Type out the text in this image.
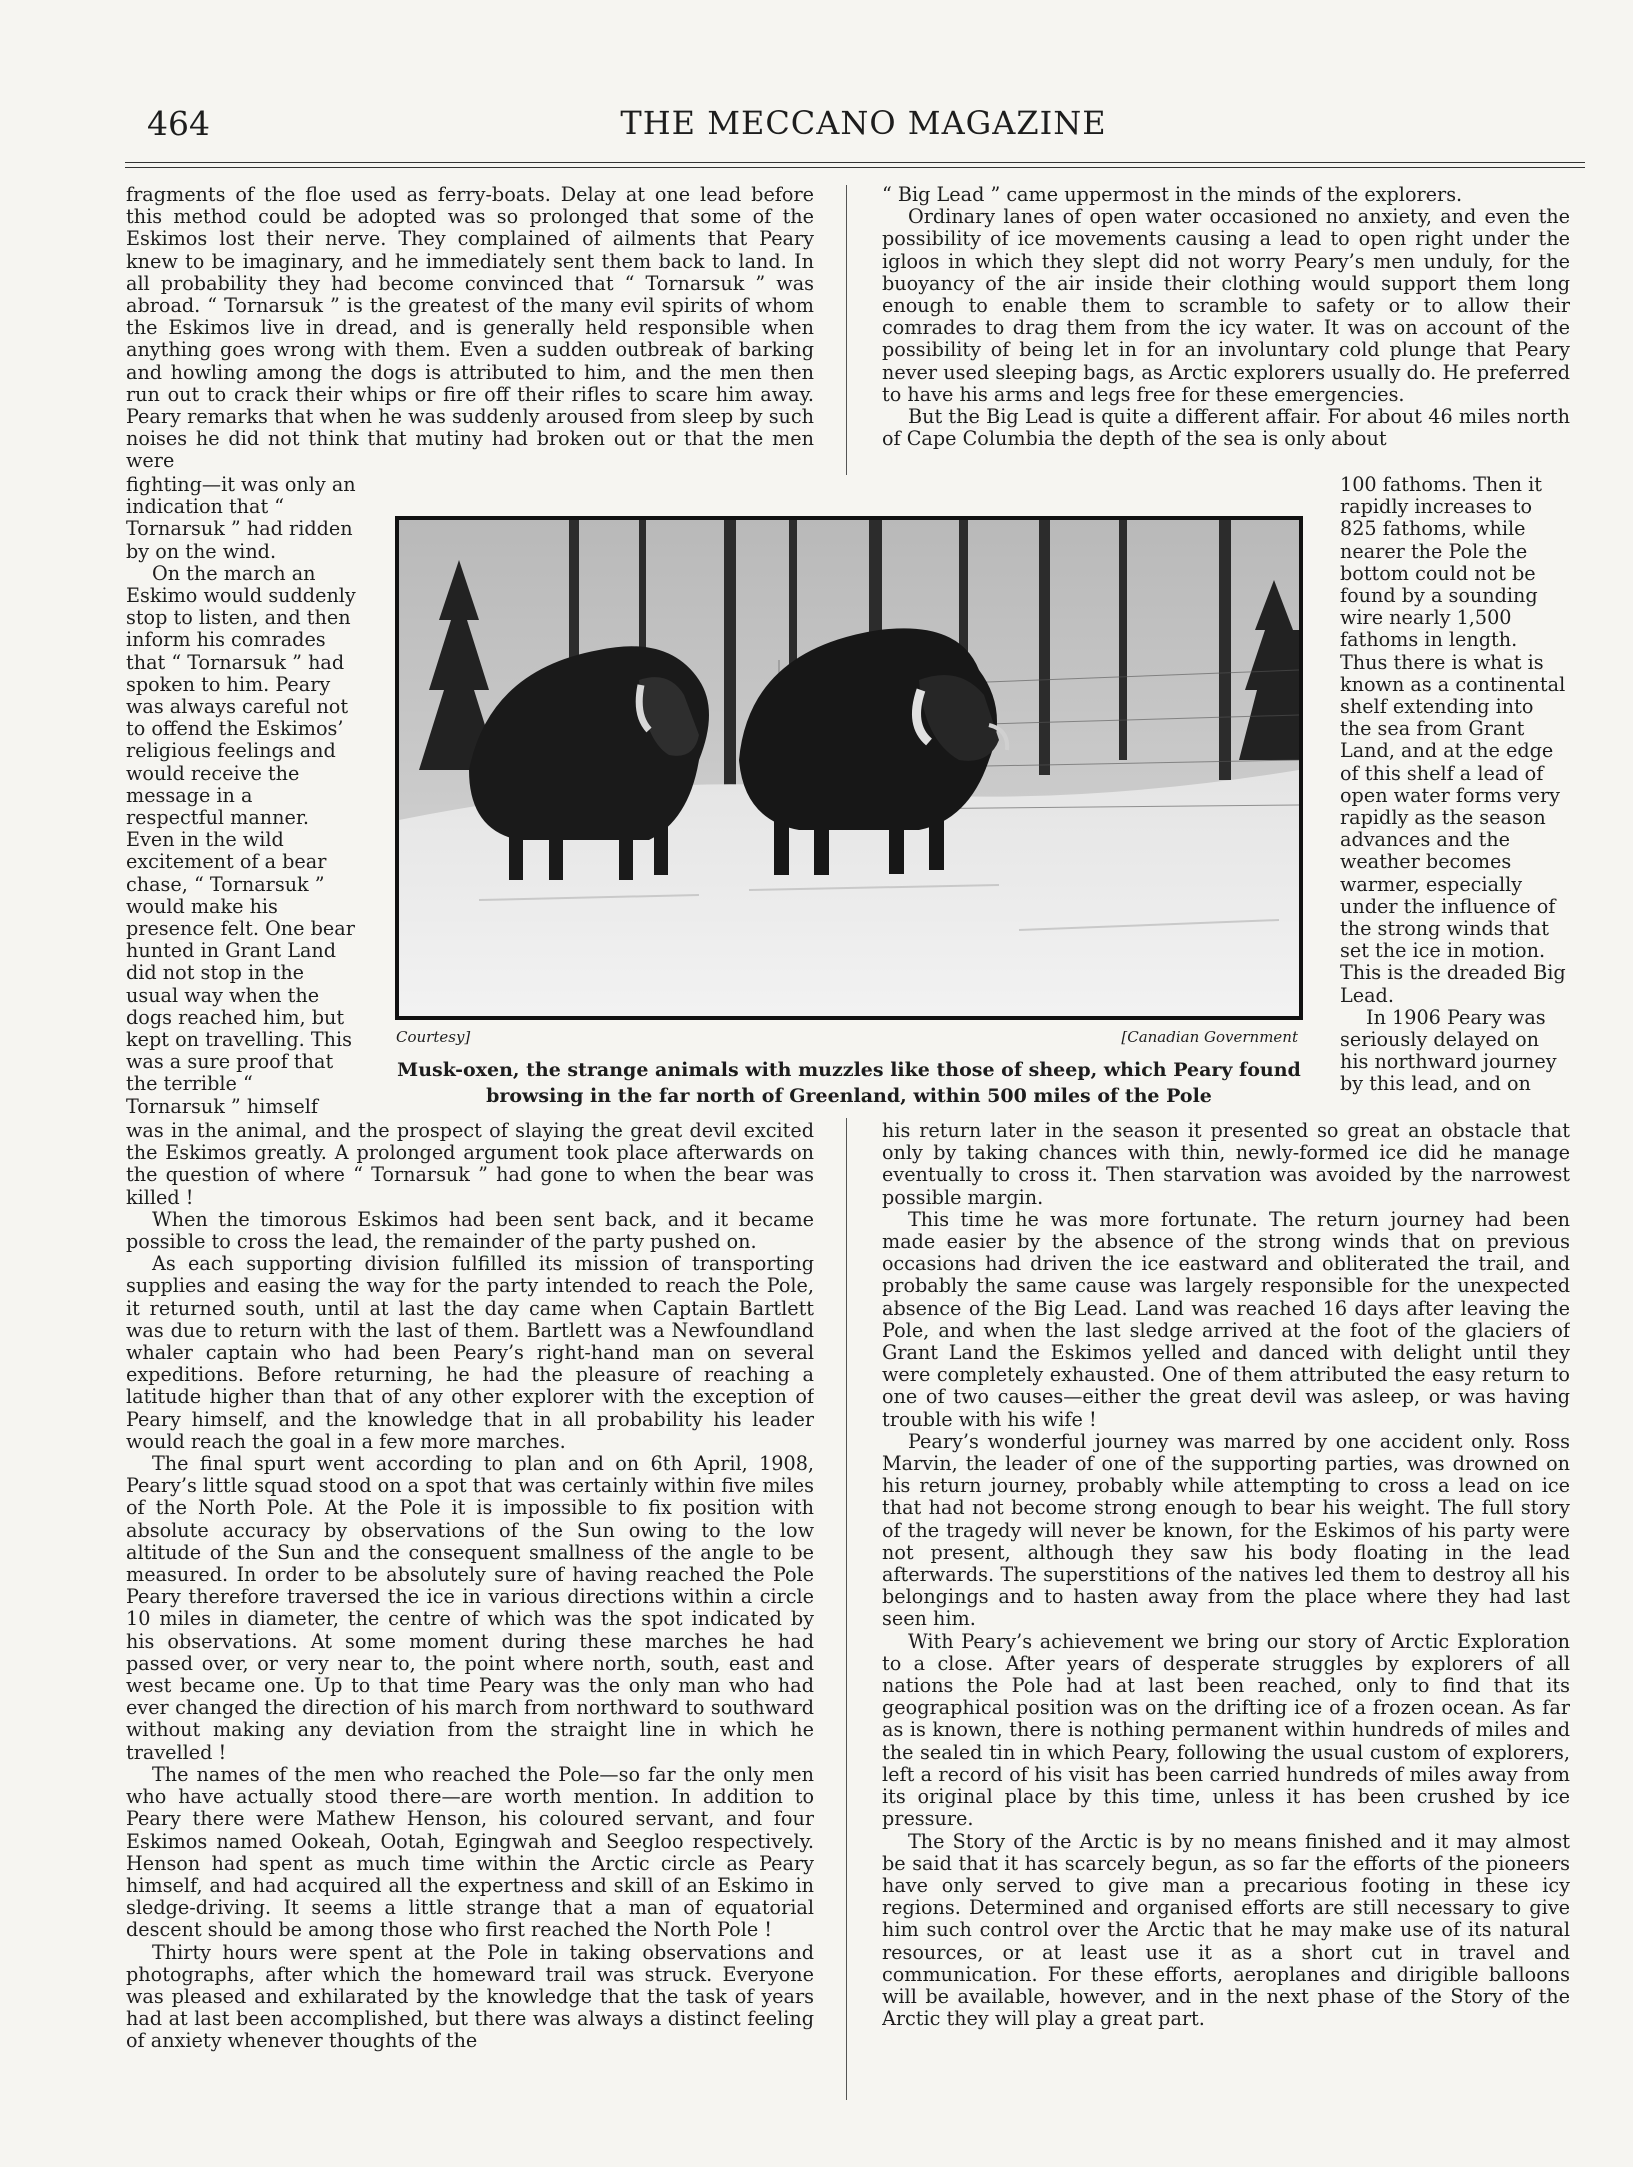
464	THE MECCANO MAGAZINE

fragments of the floe used as ferry-boats. Delay at one lead before this method could be adopted was so prolonged that some of the Eskimos lost their nerve. They complained of ailments that Peary knew to be imaginary, and he immediately sent them back to land. In all probability they had become convinced that “ Tornarsuk ” was abroad. “ Tornarsuk ” is the greatest of the many evil spirits of whom the Eskimos live in dread, and is generally held responsible when anything goes wrong with them. Even a sudden outbreak of barking and howling among the dogs is attributed to him, and the men then run out to crack their whips or fire off their rifles to scare him away. Peary remarks that when he was suddenly aroused from sleep by such noises he did not think that mutiny had broken out or that the men were

fighting—it was only an indication that “ Tornarsuk ” had ridden by on the wind.

On the march an Eskimo would suddenly stop to listen, and then inform his comrades that “ Tornarsuk ” had spoken to him. Peary was always careful not to offend the Eskimos’ religious feelings and would receive the message in a respectful manner. Even in the wild excitement of a bear chase, “ Tornarsuk ” would make his presence felt. One bear hunted in Grant Land did not stop in the usual way when the dogs reached him, but kept on travelling. This was a sure proof that the terrible “ Tornarsuk ” himself

was in the animal, and the prospect of slaying the great devil excited the Eskimos greatly. A prolonged argument took place afterwards on the question of where “ Tornarsuk ” had gone to when the bear was killed !

When the timorous Eskimos had been sent back, and it became possible to cross the lead, the remainder of the party pushed on.

As each supporting division fulfilled its mission of transporting supplies and easing the way for the party intended to reach the Pole, it returned south, until at last the day came when Captain Bartlett was due to return with the last of them. Bartlett was a Newfoundland whaler captain who had been Peary’s right-hand man on several expeditions. Before returning, he had the pleasure of reaching a latitude higher than that of any other explorer with the exception of Peary himself, and the knowledge that in all probability his leader would reach the goal in a few more marches.

The final spurt went according to plan and on 6th April, 1908, Peary’s little squad stood on a spot that was certainly within five miles of the North Pole. At the Pole it is impossible to fix position with absolute accuracy by observations of the Sun owing to the low altitude of the Sun and the consequent smallness of the angle to be measured. In order to be absolutely sure of having reached the Pole Peary therefore traversed the ice in various directions within a circle 10 miles in diameter, the centre of which was the spot indicated by his observations. At some moment during these marches he had passed over, or very near to, the point where north, south, east and west became one. Up to that time Peary was the only man who had ever changed the direction of his march from northward to southward without making any deviation from the straight line in which he travelled !

The names of the men who reached the Pole—so far the only men who have actually stood there—are worth mention. In addition to Peary there were Mathew Henson, his coloured servant, and four Eskimos named Ookeah, Ootah, Egingwah and Seegloo respectively. Henson had spent as much time within the Arctic circle as Peary himself, and had acquired all the expertness and skill of an Eskimo in sledge-driving. It seems a little strange that a man of equatorial descent should be among those who first reached the North Pole !

Thirty hours were spent at the Pole in taking observations and photographs, after which the homeward trail was struck. Everyone was pleased and exhilarated by the knowledge that the task of years had at last been accomplished, but there was always a distinct feeling of anxiety whenever thoughts of the

“ Big Lead ” came uppermost in the minds of the explorers.

Ordinary lanes of open water occasioned no anxiety, and even the possibility of ice movements causing a lead to open right under the igloos in which they slept did not worry Peary’s men unduly, for the buoyancy of the air inside their clothing would support them long enough to enable them to scramble to safety or to allow their comrades to drag them from the icy water. It was on account of the possibility of being let in for an involuntary cold plunge that Peary never used sleeping bags, as Arctic explorers usually do. He preferred to have his arms and legs free for these emergencies.

But the Big Lead is quite a different affair. For about 46 miles north of Cape Columbia the depth of the sea is only about

100 fathoms. Then it rapidly increases to 825 fathoms, while nearer the Pole the bottom could not be found by a sounding wire nearly 1,500 fathoms in length. Thus there is what is known as a continental shelf extending into the sea from Grant Land, and at the edge of this shelf a lead of open water forms very rapidly as the season advances and the weather becomes warmer, especially under the influence of the strong winds that set the ice in motion. This is the dreaded Big Lead.

In 1906 Peary was seriously delayed on his northward journey by this lead, and on

his return later in the season it presented so great an obstacle that only by taking chances with thin, newly-formed ice did he manage eventually to cross it. Then starvation was avoided by the narrowest possible margin.

This time he was more fortunate. The return journey had been made easier by the absence of the strong winds that on previous occasions had driven the ice eastward and obliterated the trail, and probably the same cause was largely responsible for the unexpected absence of the Big Lead. Land was reached 16 days after leaving the Pole, and when the last sledge arrived at the foot of the glaciers of Grant Land the Eskimos yelled and danced with delight until they were completely exhausted. One of them attributed the easy return to one of two causes—either the great devil was asleep, or was having trouble with his wife !

Peary’s wonderful journey was marred by one accident only. Ross Marvin, the leader of one of the supporting parties, was drowned on his return journey, probably while attempting to cross a lead on ice that had not become strong enough to bear his weight. The full story of the tragedy will never be known, for the Eskimos of his party were not present, although they saw his body floating in the lead afterwards. The superstitions of the natives led them to destroy all his belongings and to hasten away from the place where they had last seen him.

With Peary’s achievement we bring our story of Arctic Exploration to a close. After years of desperate struggles by explorers of all nations the Pole had at last been reached, only to find that its geographical position was on the drifting ice of a frozen ocean. As far as is known, there is nothing permanent within hundreds of miles and the sealed tin in which Peary, following the usual custom of explorers, left a record of his visit has been carried hundreds of miles away from its original place by this time, unless it has been crushed by ice pressure.

The Story of the Arctic is by no means finished and it may almost be said that it has scarcely begun, as so far the efforts of the pioneers have only served to give man a precarious footing in these icy regions. Determined and organised efforts are still necessary to give him such control over the Arctic that he may make use of its natural resources, or at least use it as a short cut in travel and communication. For these efforts, aeroplanes and dirigible balloons will be available, however, and in the next phase of the Story of the Arctic they will play a great part.

Courtesy]	[Canadian Government
Musk-oxen, the strange animals with muzzles like those of sheep, which Peary found
browsing in the far north of Greenland, within 500 miles of the Pole
